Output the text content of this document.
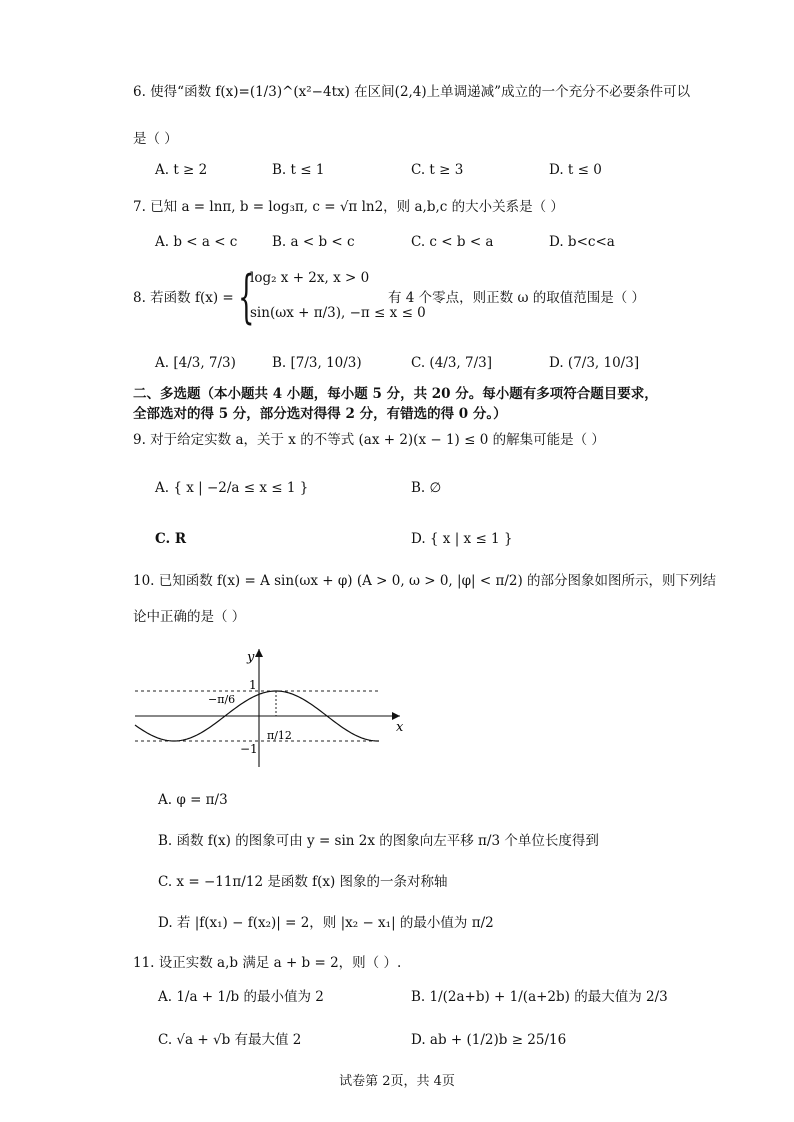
6. 使得“函数 f(x)=(1/3)^(x²−4tx) 在区间(2,4)上单调递减”成立的一个充分不必要条件可以
是（ ）
A. t ≥ 2	B. t ≤ 1	C. t ≥ 3	D. t ≤ 0
7. 已知 a = lnπ, b = log₃π, c = √π ln2，则 a,b,c 的大小关系是（ ）
A. b < a < c	B. a < b < c	C. c < b < a	D. b<c<a
8. 若函数 f(x) = {
log₂ x + 2x, x > 0
sin(ωx + π/3), −π ≤ x ≤ 0
有 4 个零点，则正数 ω 的取值范围是（ ）
A. [4/3, 7/3)	B. [7/3, 10/3)	C. (4/3, 7/3]	D. (7/3, 10/3]
二、多选题（本小题共 4 小题，每小题 5 分，共 20 分。每小题有多项符合题目要求，
全部选对的得 5 分，部分选对得得 2 分，有错选的得 0 分。）
9. 对于给定实数 a，关于 x 的不等式 (ax + 2)(x − 1) ≤ 0 的解集可能是（ ）
A. { x | −2/a ≤ x ≤ 1 }	B. ∅
C. R	D. { x | x ≤ 1 }
10. 已知函数 f(x) = A sin(ωx + φ) (A > 0, ω > 0, |φ| < π/2) 的部分图象如图所示，则下列结
论中正确的是（ ）
y
x
1
−1
−π/6
π/12
A. φ = π/3
B. 函数 f(x) 的图象可由 y = sin 2x 的图象向左平移 π/3 个单位长度得到
C. x = −11π/12 是函数 f(x) 图象的一条对称轴
D. 若 |f(x₁) − f(x₂)| = 2，则 |x₂ − x₁| 的最小值为 π/2
11. 设正实数 a,b 满足 a + b = 2，则（ ）.
A. 1/a + 1/b 的最小值为 2	B. 1/(2a+b) + 1/(a+2b) 的最大值为 2/3
C. √a + √b 有最大值 2	D. ab + (1/2)b ≥ 25/16
试卷第 2页，共 4页
